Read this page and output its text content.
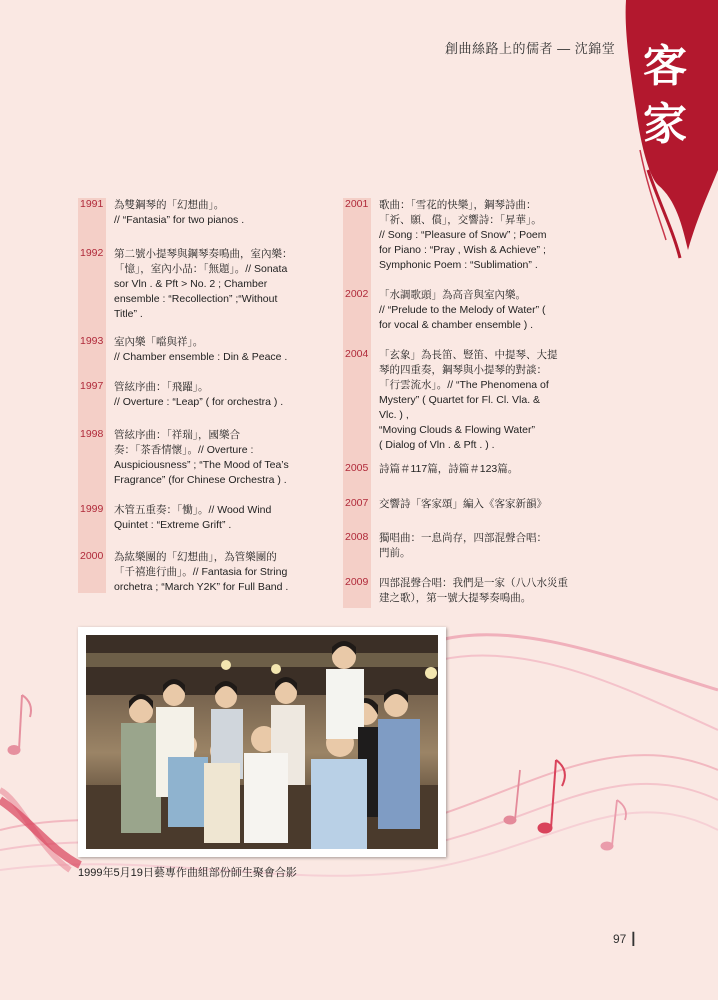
客
家
創曲絲路上的儒者 — 沈錦堂
1991 為雙鋼琴的「幻想曲」。
// “Fantasia” for two pianos .
1992 第二號小提琴與鋼琴奏鳴曲，室內樂：
「憶」，室內小品：「無題」。// Sonata
sor Vln . & Pft > No. 2 ; Chamber
ensemble : “Recollection” ;“Without
Title” .
1993 室內樂「噹與祥」。
// Chamber ensemble : Din & Peace .
1997 管絃序曲：「飛躍」。
// Overture : “Leap” ( for orchestra ) .
1998 管絃序曲：「祥瑞」，國樂合
奏：「茶香情懷」。// Overture :
Auspiciousness” ; “The Mood of Tea’s
Fragrance” (for Chinese Orchestra ) .
1999 木管五重奏：「慟」。// Wood Wind
Quintet : “Extreme Grift” .
2000 為紘樂團的「幻想曲」，為管樂團的
「千禧進行曲」。// Fantasia for String
orchetra ; “March Y2K” for Full Band .
2001 歌曲：「雪花的快樂」，鋼琴詩曲：
「祈、願、償」，交響詩：「昇華」。
// Song : “Pleasure of Snow” ; Poem
for Piano : “Pray , Wish & Achieve” ;
Symphonic Poem : “Sublimation” .
2002 「水調歌頭」為高音與室內樂。
// “Prelude to the Melody of Water” (
for vocal & chamber ensemble ) .
2004 「玄象」為長笛、豎笛、中提琴、大提
琴的四重奏，鋼琴與小提琴的對談：
「行雲流水」。// “The Phenomena of
Mystery” ( Quartet for Fl. Cl. Vla. &
Vlc. ) ,
“Moving Clouds & Flowing Water”
( Dialog of Vln . & Pft . ) .
2005 詩篇＃117篇，詩篇＃123篇。
2007 交響詩「客家頌」編入《客家新韻》
2008 獨唱曲：一息尚存，四部混聲合唱：
門前。
2009 四部混聲合唱：我們是一家（八八水災重
建之歌），第一號大提琴奏鳴曲。
1999年5月19日藝專作曲組部份師生聚會合影
97 ┃
